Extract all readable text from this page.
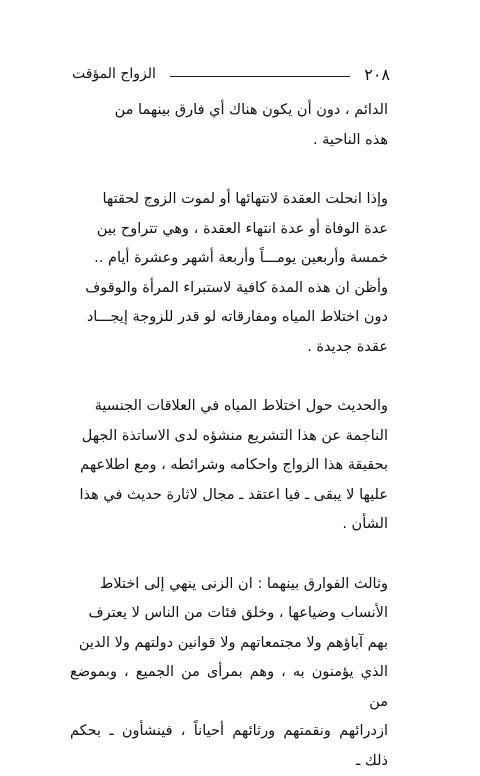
٢٠٨
الزواج المؤقت

الدائم ، دون أن يكون هناك أي فارق بينهما من
هذه الناحية .

وإذا انحلت العقدة لانتهائها أو لموت الزوج لحقتها
عدة الوفاة أو عدة انتهاء العقدة ، وهي تتراوح بين
خمسة وأربعين يومـــاً وأربعة أشهر وعشرة أيام ..
وأظن ان هذه المدة كافية لاستبراء المرأة والوقوف
دون اختلاط المياه ومفارقاته لو قدر للزوجة إيجـــاد
عقدة جديدة .

والحديث حول اختلاط المياه في العلاقات الجنسية
الناجمة عن هذا التشريع منشؤه لدى الاساتذة الجهل
بحقيقة هذا الزواج واحكامه وشرائطه ، ومع اطلاعهم
عليها لا يبقى ـ فيا اعتقد ـ مجال لاثارة حديث في هذا
الشأن .

وثالث الفوارق بينهما : ان الزنى ينهي إلى اختلاط
الأنساب وضياعها ، وخلق فئات من الناس لا يعترف
بهم آباؤهم ولا مجتمعاتهم ولا قوانين دولتهم ولا الدين
الذي يؤمنون به ، وهم بمرأى من الجميع ، وبموضع من
ازدرائهم ونقمتهم ورثائهم أحياناً ، فينشأون ـ بحكم ذلك ـ
